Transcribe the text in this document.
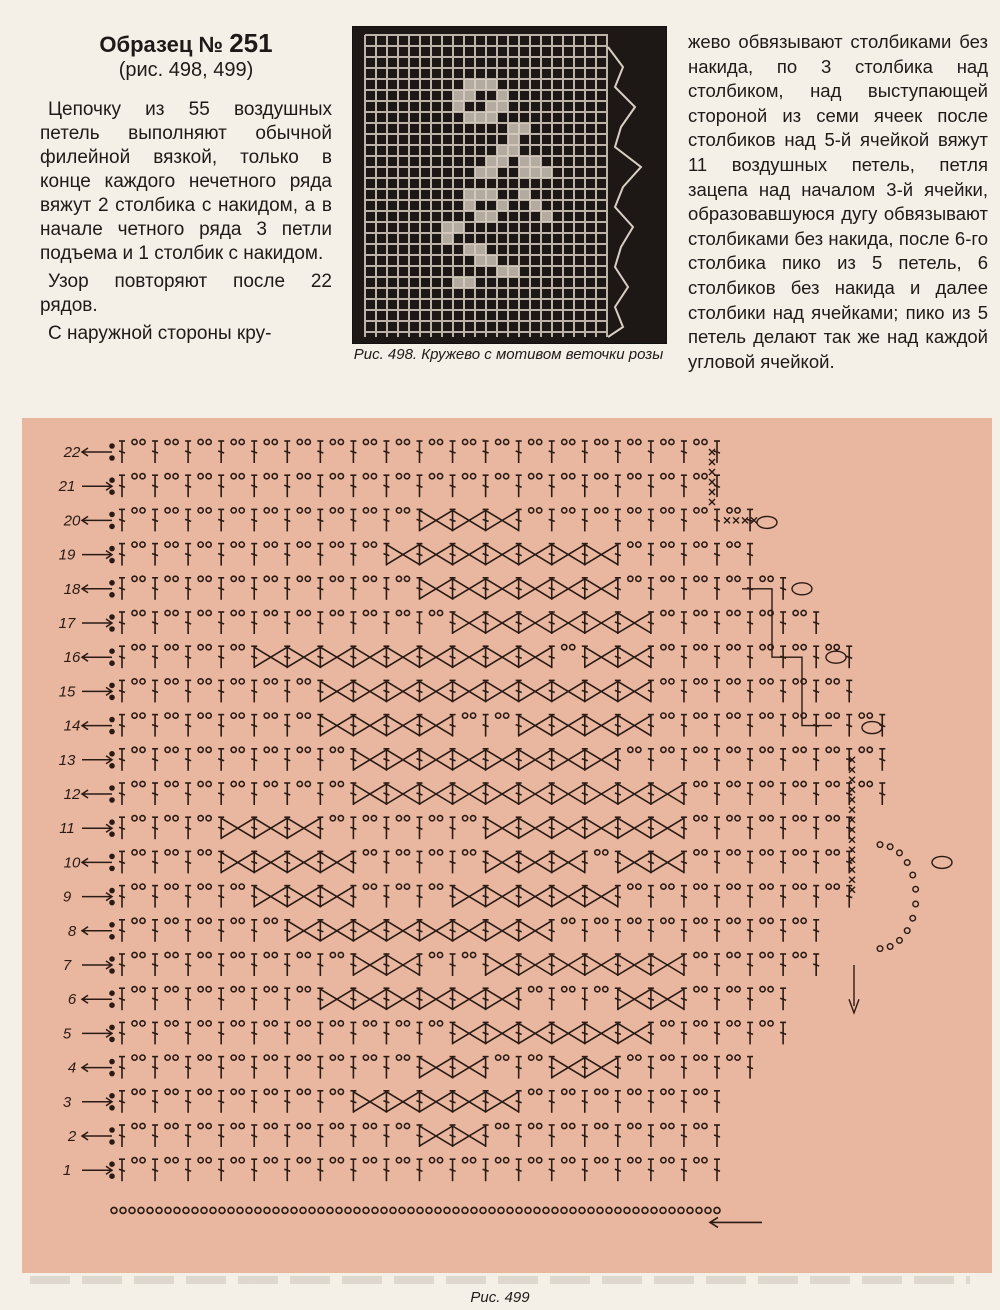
Образец № 251
(рис. 498, 499)

Цепочку из 55 воздушных петель выполняют обычной филейной вязкой, только в конце каждого нечетного ряда вяжут 2 столбика с накидом, а в начале четного ряда 3 петли подъема и 1 столбик с накидом.

Узор повторяют после 22 рядов.

С наружной стороны кру-

Рис. 498. Кружево с мотивом веточки розы

жево обвязывают столбиками без накида, по 3 столбика над столбиком, над выступающей стороной из семи ячеек после столбиков над 5-й ячейкой вяжут 11 воздушных петель, петля зацепа над началом 3-й ячейки, образовавшуюся дугу обвязывают столбиками без накида, после 6-го столбика пико из 5 петель, 6 столбиков без накида и далее столбики над ячейками; пико из 5 петель делают так же над каждой угловой ячейкой.

1
2
3
4
5
6
7
8
9
10
11
12
13
14
15
16
17
18
19
20
21
22
Рис. 499
